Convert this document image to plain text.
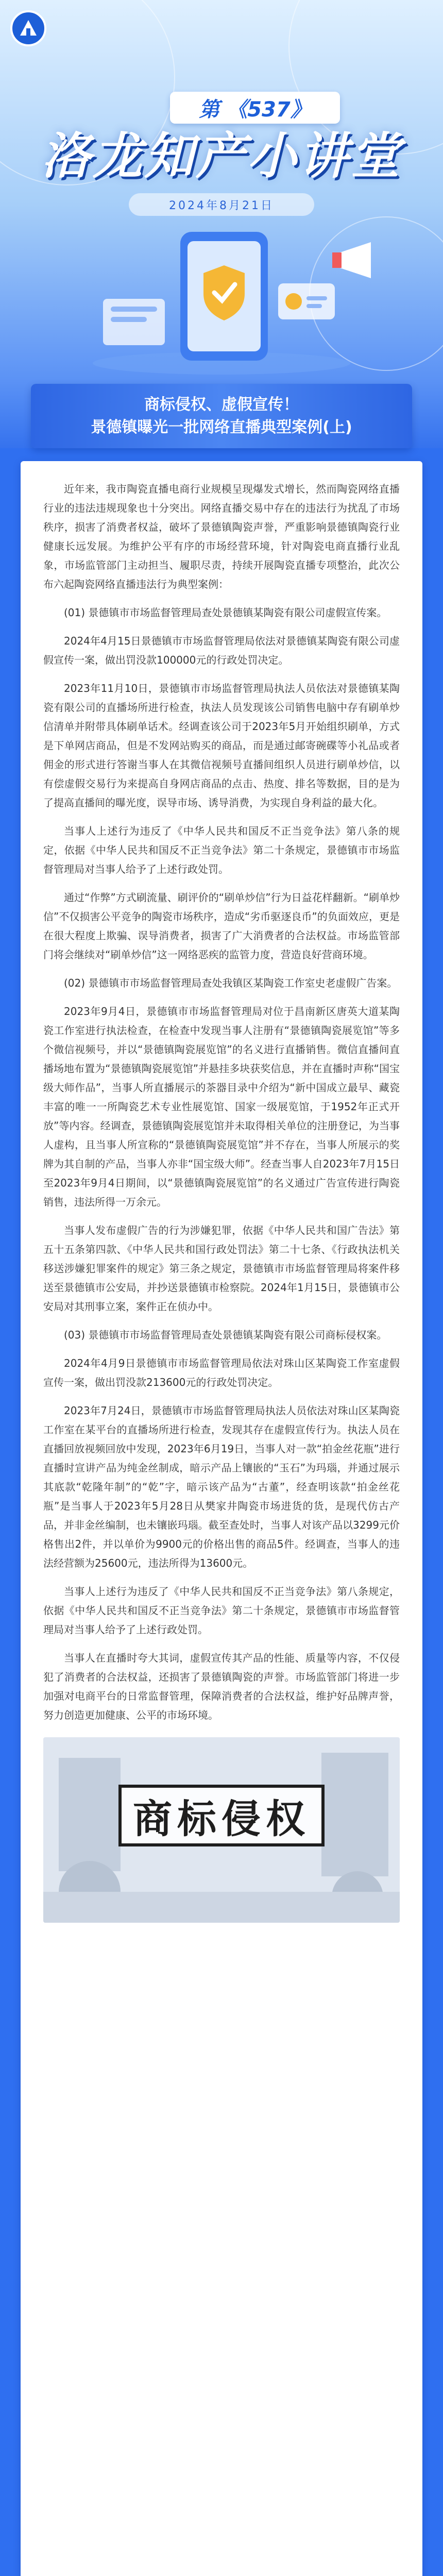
第 《537》
洛龙知产小讲堂
2024年8月21日
商标侵权、虚假宣传！
景德镇曝光一批网络直播典型案例(上)

近年来，我市陶瓷直播电商行业规模呈现爆发式增长，然而陶瓷网络直播行业的违法违规现象也十分突出。网络直播交易中存在的违法行为扰乱了市场秩序，损害了消费者权益，破坏了景德镇陶瓷声誉，严重影响景德镇陶瓷行业健康长远发展。为维护公平有序的市场经营环境，针对陶瓷电商直播行业乱象，市场监管部门主动担当、履职尽责，持续开展陶瓷直播专项整治，此次公布六起陶瓷网络直播违法行为典型案例：

(01) 景德镇市市场监督管理局查处景德镇某陶瓷有限公司虚假宣传案。

2024年4月15日景德镇市市场监督管理局依法对景德镇某陶瓷有限公司虚假宣传一案，做出罚没款100000元的行政处罚决定。

2023年11月10日，景德镇市市场监督管理局执法人员依法对景德镇某陶瓷有限公司的直播场所进行检查，执法人员发现该公司销售电脑中存有刷单炒信清单并附带具体刷单话术。经调查该公司于2023年5月开始组织刷单，方式是下单网店商品，但是不发网站购买的商品，而是通过邮寄碗碟等小礼品或者佣金的形式进行答谢当事人在其微信视频号直播间组织人员进行刷单炒信，以有偿虚假交易行为来提高自身网店商品的点击、热度、排名等数据，目的是为了提高直播间的曝光度，误导市场、诱导消费，为实现自身利益的最大化。

当事人上述行为违反了《中华人民共和国反不正当竞争法》第八条的规定，依据《中华人民共和国反不正当竞争法》第二十条规定，景德镇市市场监督管理局对当事人给予了上述行政处罚。

通过“作弊”方式刷流量、刷评价的“刷单炒信”行为日益花样翻新。“刷单炒信”不仅损害公平竞争的陶瓷市场秩序，造成“劣币驱逐良币”的负面效应，更是在很大程度上欺骗、误导消费者，损害了广大消费者的合法权益。市场监管部门将会继续对“刷单炒信”这一网络恶疾的监管力度，营造良好营商环境。

(02) 景德镇市市场监督管理局查处我镇区某陶瓷工作室史老虚假广告案。

2023年9月4日，景德镇市市场监督管理局对位于昌南新区唐英大道某陶瓷工作室进行执法检查，在检查中发现当事人注册有“景德镇陶瓷展览馆”等多个微信视频号，并以“景德镇陶瓷展览馆”的名义进行直播销售。微信直播间直播场地布置为“景德镇陶瓷展览馆”并悬挂多块获奖信息，并在直播时声称“国宝级大师作品”，当事人所直播展示的茶器目录中介绍为“新中国成立最早、藏瓷丰富的唯一一所陶瓷艺术专业性展览馆、国家一级展览馆，于1952年正式开放”等内容。经调查，景德镇陶瓷展览馆并未取得相关单位的注册登记，为当事人虚构，且当事人所宣称的“景德镇陶瓷展览馆”并不存在，当事人所展示的奖牌为其自制的产品，当事人亦非“国宝级大师”。经查当事人自2023年7月15日至2023年9月4日期间，以“景德镇陶瓷展览馆”的名义通过广告宣传进行陶瓷销售，违法所得一万余元。

当事人发布虚假广告的行为涉嫌犯罪，依据《中华人民共和国广告法》第五十五条第四款、《中华人民共和国行政处罚法》第二十七条、《行政执法机关移送涉嫌犯罪案件的规定》第三条之规定，景德镇市市场监督管理局将案件移送至景德镇市公安局，并抄送景德镇市检察院。2024年1月15日，景德镇市公安局对其刑事立案，案件正在侦办中。

(03) 景德镇市市场监督管理局查处景德镇某陶瓷有限公司商标侵权案。

2024年4月9日景德镇市市场监督管理局依法对珠山区某陶瓷工作室虚假宣传一案，做出罚没款213600元的行政处罚决定。

2023年7月24日，景德镇市市场监督管理局执法人员依法对珠山区某陶瓷工作室在某平台的直播场所进行检查，发现其存在虚假宣传行为。执法人员在直播回放视频回放中发现，2023年6月19日，当事人对一款“拍金丝花瓶”进行直播时宣讲产品为纯金丝制成，暗示产品上镶嵌的“玉石”为玛瑙，并通过展示其底款“乾隆年制”的“乾”字，暗示该产品为“古董”，经查明该款“拍金丝花瓶”是当事人于2023年5月28日从樊家井陶瓷市场进货的货，是现代仿古产品，并非金丝编制，也未镶嵌玛瑙。截至查处时，当事人对该产品以3299元价格售出2件，并以单价为9900元的价格出售的商品5件。经调查，当事人的违法经营额为25600元，违法所得为13600元。

当事人上述行为违反了《中华人民共和国反不正当竞争法》第八条规定，依据《中华人民共和国反不正当竞争法》第二十条规定，景德镇市市场监督管理局对当事人给予了上述行政处罚。

当事人在直播时夸大其词，虚假宣传其产品的性能、质量等内容，不仅侵犯了消费者的合法权益，还损害了景德镇陶瓷的声誉。市场监管部门将进一步加强对电商平台的日常监督管理，保障消费者的合法权益，维护好品牌声誉，努力创造更加健康、公平的市场环境。

商标侵权
